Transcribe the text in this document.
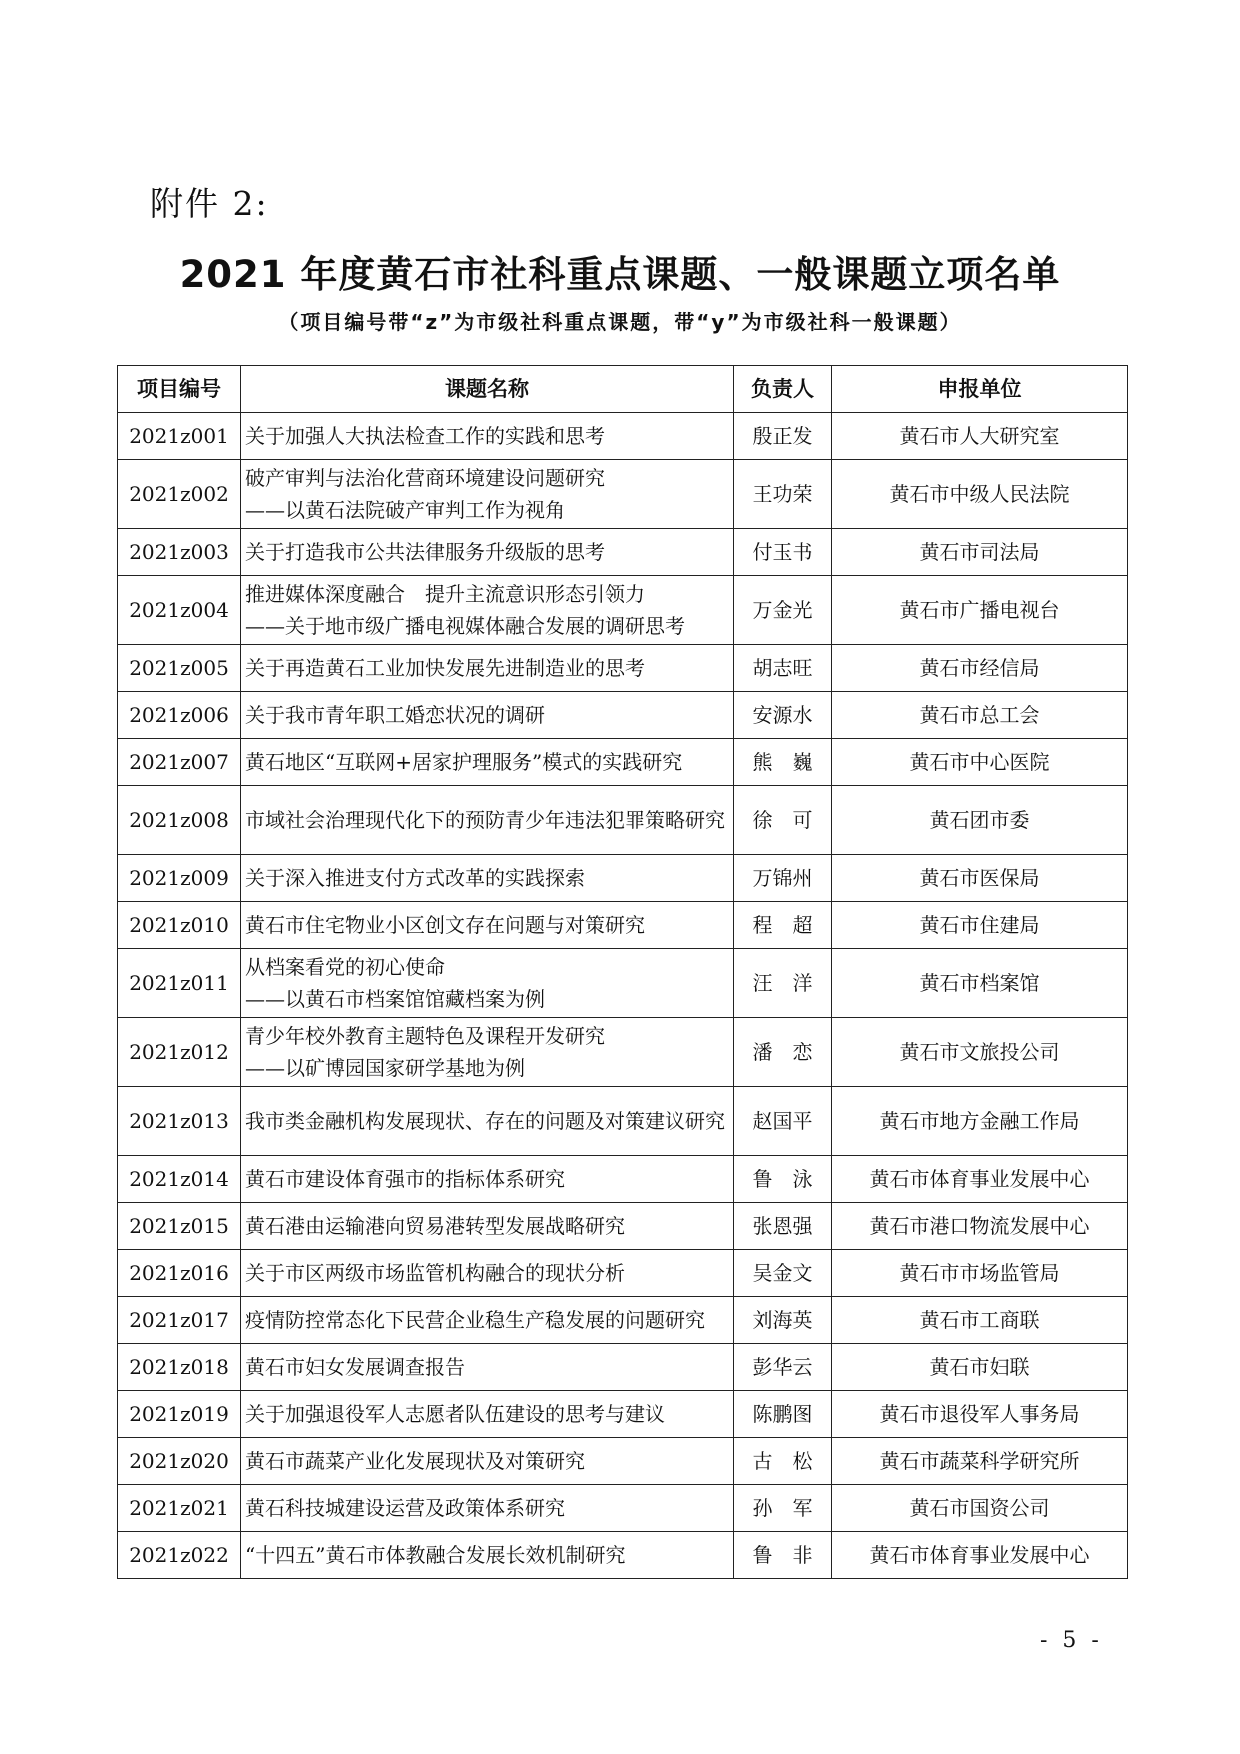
附件 2:
2021 年度黄石市社科重点课题、一般课题立项名单
（项目编号带“z”为市级社科重点课题，带“y”为市级社科一般课题）
项目编号	课题名称	负责人	申报单位
2021z001	关于加强人大执法检查工作的实践和思考	殷正发	黄石市人大研究室
2021z002	破产审判与法治化营商环境建设问题研究
——以黄石法院破产审判工作为视角	王功荣	黄石市中级人民法院
2021z003	关于打造我市公共法律服务升级版的思考	付玉书	黄石市司法局
2021z004	推进媒体深度融合　提升主流意识形态引领力
——关于地市级广播电视媒体融合发展的调研思考	万金光	黄石市广播电视台
2021z005	关于再造黄石工业加快发展先进制造业的思考	胡志旺	黄石市经信局
2021z006	关于我市青年职工婚恋状况的调研	安源水	黄石市总工会
2021z007	黄石地区“互联网+居家护理服务”模式的实践研究	熊　巍	黄石市中心医院
2021z008	市域社会治理现代化下的预防青少年违法犯罪策略研究	徐　可	黄石团市委
2021z009	关于深入推进支付方式改革的实践探索	万锦州	黄石市医保局
2021z010	黄石市住宅物业小区创文存在问题与对策研究	程　超	黄石市住建局
2021z011	从档案看党的初心使命
——以黄石市档案馆馆藏档案为例	汪　洋	黄石市档案馆
2021z012	青少年校外教育主题特色及课程开发研究
——以矿博园国家研学基地为例	潘　恋	黄石市文旅投公司
2021z013	我市类金融机构发展现状、存在的问题及对策建议研究	赵国平	黄石市地方金融工作局
2021z014	黄石市建设体育强市的指标体系研究	鲁　泳	黄石市体育事业发展中心
2021z015	黄石港由运输港向贸易港转型发展战略研究	张恩强	黄石市港口物流发展中心
2021z016	关于市区两级市场监管机构融合的现状分析	吴金文	黄石市市场监管局
2021z017	疫情防控常态化下民营企业稳生产稳发展的问题研究	刘海英	黄石市工商联
2021z018	黄石市妇女发展调查报告	彭华云	黄石市妇联
2021z019	关于加强退役军人志愿者队伍建设的思考与建议	陈鹏图	黄石市退役军人事务局
2021z020	黄石市蔬菜产业化发展现状及对策研究	古　松	黄石市蔬菜科学研究所
2021z021	黄石科技城建设运营及政策体系研究	孙　军	黄石市国资公司
2021z022	“十四五”黄石市体教融合发展长效机制研究	鲁　非	黄石市体育事业发展中心
- 5 -
